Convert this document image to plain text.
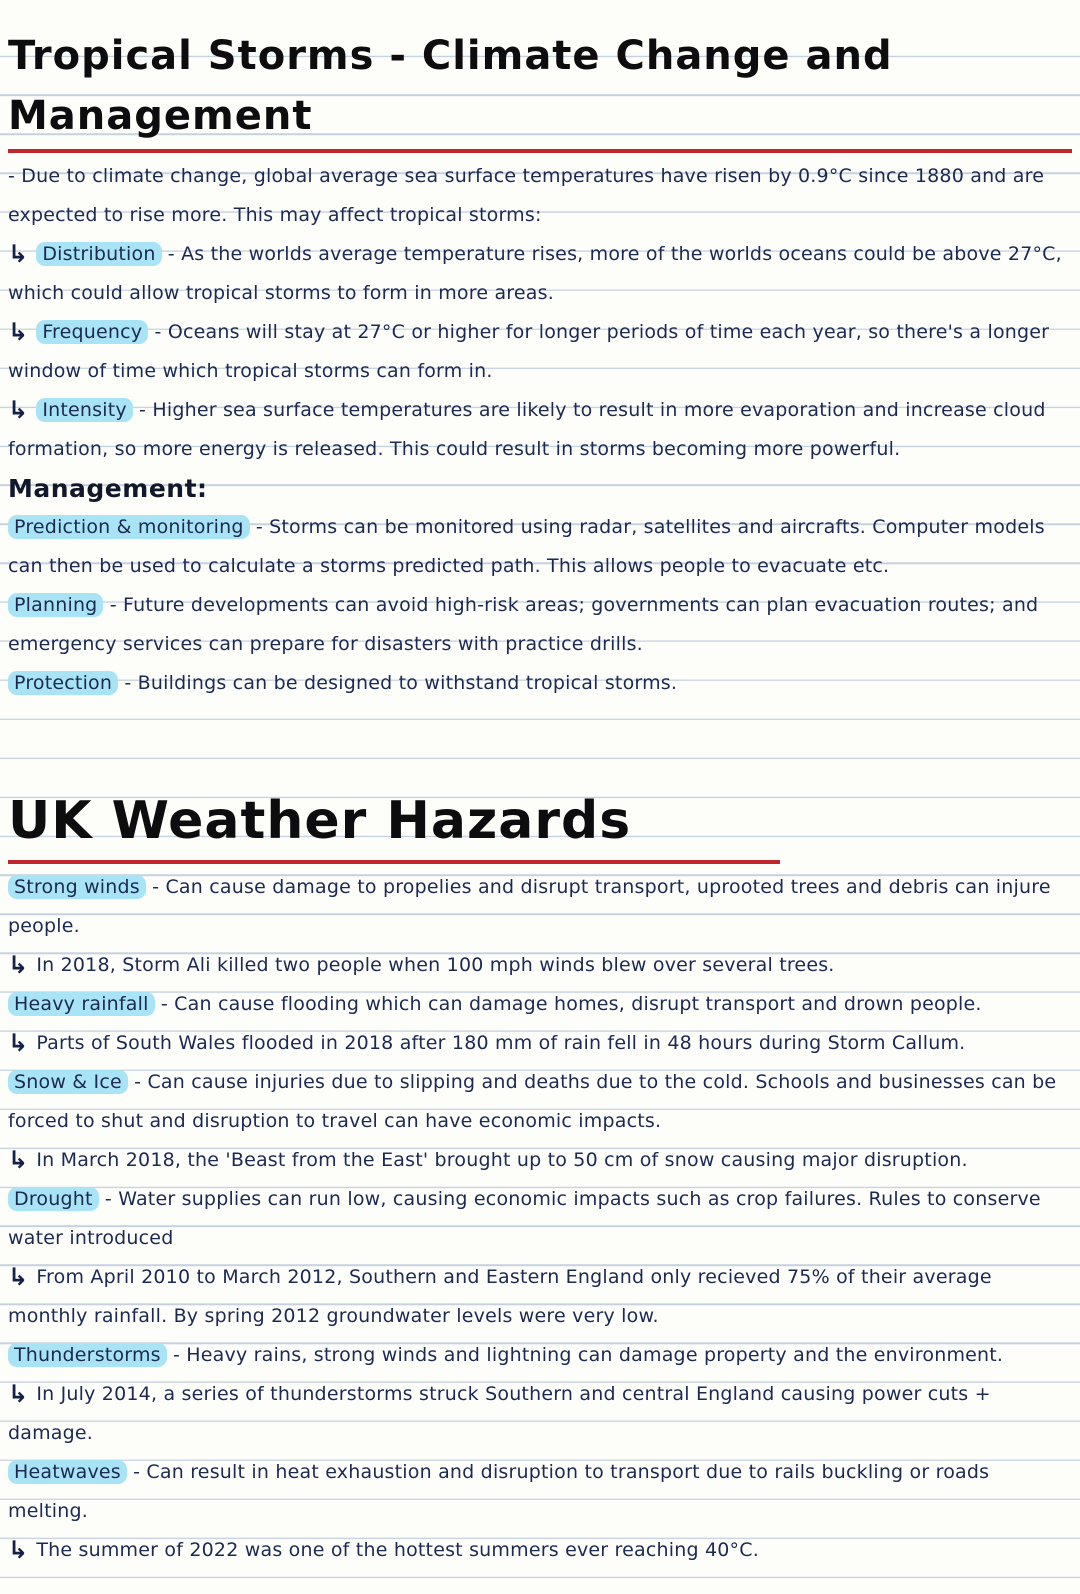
Tropical Storms - Climate Change and Management
- Due to climate change, global average sea surface temperatures have risen by 0.9°C since 1880 and are expected to rise more. This may affect tropical storms:
↳ Distribution - As the worlds average temperature rises, more of the worlds oceans could be above 27°C, which could allow tropical storms to form in more areas.
↳ Frequency - Oceans will stay at 27°C or higher for longer periods of time each year, so there's a longer window of time which tropical storms can form in.
↳ Intensity - Higher sea surface temperatures are likely to result in more evaporation and increase cloud formation, so more energy is released. This could result in storms becoming more powerful.
Management:
Prediction & monitoring - Storms can be monitored using radar, satellites and aircrafts. Computer models can then be used to calculate a storms predicted path. This allows people to evacuate etc.
Planning - Future developments can avoid high-risk areas; governments can plan evacuation routes; and emergency services can prepare for disasters with practice drills.
Protection - Buildings can be designed to withstand tropical storms.
UK Weather Hazards
Strong winds - Can cause damage to propelies and disrupt transport, uprooted trees and debris can injure people.
↳ In 2018, Storm Ali killed two people when 100 mph winds blew over several trees.
Heavy rainfall - Can cause flooding which can damage homes, disrupt transport and drown people.
↳ Parts of South Wales flooded in 2018 after 180 mm of rain fell in 48 hours during Storm Callum.
Snow & Ice - Can cause injuries due to slipping and deaths due to the cold. Schools and businesses can be forced to shut and disruption to travel can have economic impacts.
↳ In March 2018, the 'Beast from the East' brought up to 50 cm of snow causing major disruption.
Drought - Water supplies can run low, causing economic impacts such as crop failures. Rules to conserve water introduced
↳ From April 2010 to March 2012, Southern and Eastern England only recieved 75% of their average monthly rainfall. By spring 2012 groundwater levels were very low.
Thunderstorms - Heavy rains, strong winds and lightning can damage property and the environment.
↳ In July 2014, a series of thunderstorms struck Southern and central England causing power cuts + damage.
Heatwaves - Can result in heat exhaustion and disruption to transport due to rails buckling or roads melting.
↳ The summer of 2022 was one of the hottest summers ever reaching 40°C.
